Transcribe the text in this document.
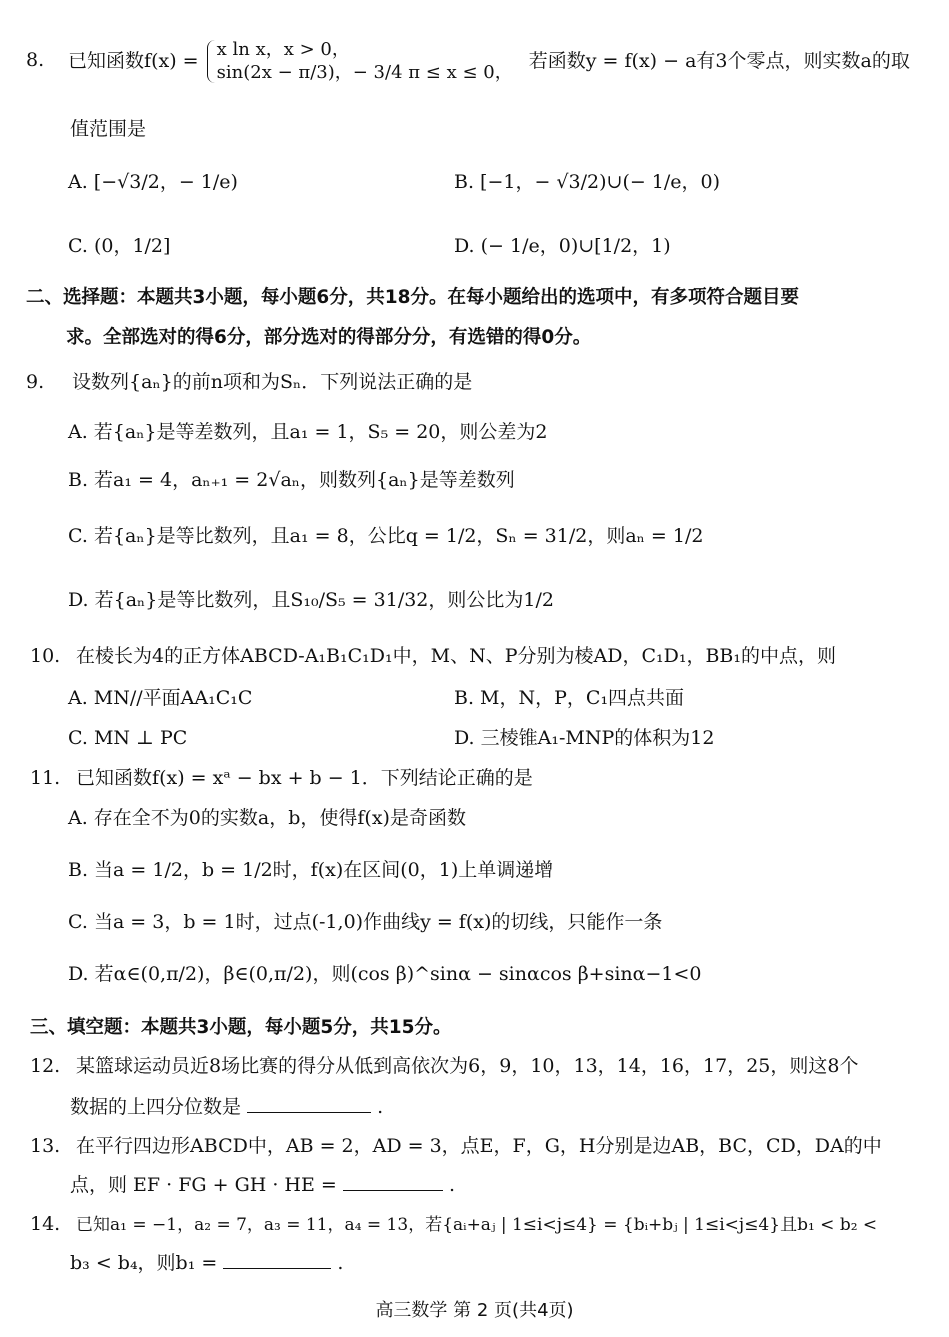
8. 已知函数f(x) =
x ln x，x > 0，
sin(2x − π/3)，− 3/4 π ≤ x ≤ 0，
若函数y = f(x) − a有3个零点，则实数a的取
值范围是
A. [−√3/2，− 1/e)	B. [−1，− √3/2)∪(− 1/e，0)
C. (0，1/2]	D. (− 1/e，0)∪[1/2，1)
二、选择题：本题共3小题，每小题6分，共18分。在每小题给出的选项中，有多项符合题目要
求。全部选对的得6分，部分选对的得部分分，有选错的得0分。
9. 设数列{aₙ}的前n项和为Sₙ．下列说法正确的是
A. 若{aₙ}是等差数列，且a₁ = 1，S₅ = 20，则公差为2
B. 若a₁ = 4，aₙ₊₁ = 2√aₙ，则数列{aₙ}是等差数列
C. 若{aₙ}是等比数列，且a₁ = 8，公比q = 1/2，Sₙ = 31/2，则aₙ = 1/2
D. 若{aₙ}是等比数列，且S₁₀/S₅ = 31/32，则公比为1/2
10. 在棱长为4的正方体ABCD-A₁B₁C₁D₁中，M、N、P分别为棱AD，C₁D₁，BB₁的中点，则
A. MN//平面AA₁C₁C	B. M，N，P，C₁四点共面
C. MN ⊥ PC	D. 三棱锥A₁-MNP的体积为12
11. 已知函数f(x) = xᵃ − bx + b − 1．下列结论正确的是
A. 存在全不为0的实数a，b，使得f(x)是奇函数
B. 当a = 1/2，b = 1/2时，f(x)在区间(0，1)上单调递增
C. 当a = 3，b = 1时，过点(-1,0)作曲线y = f(x)的切线，只能作一条
D. 若α∈(0,π/2)，β∈(0,π/2)，则(cos β)^sinα − sinαcos β+sinα−1<0
三、填空题：本题共3小题，每小题5分，共15分。
12. 某篮球运动员近8场比赛的得分从低到高依次为6，9，10，13，14，16，17，25，则这8个
数据的上四分位数是	.
13. 在平行四边形ABCD中，AB = 2，AD = 3，点E，F，G，H分别是边AB，BC，CD，DA的中
点，则 EF · FG + GH · HE =	.
14. 已知a₁ = −1，a₂ = 7，a₃ = 11，a₄ = 13，若{aᵢ+aⱼ | 1≤i<j≤4} = {bᵢ+bⱼ | 1≤i<j≤4}且b₁ < b₂ <
b₃ < b₄，则b₁ =	.
高三数学 第 2 页(共4页)
